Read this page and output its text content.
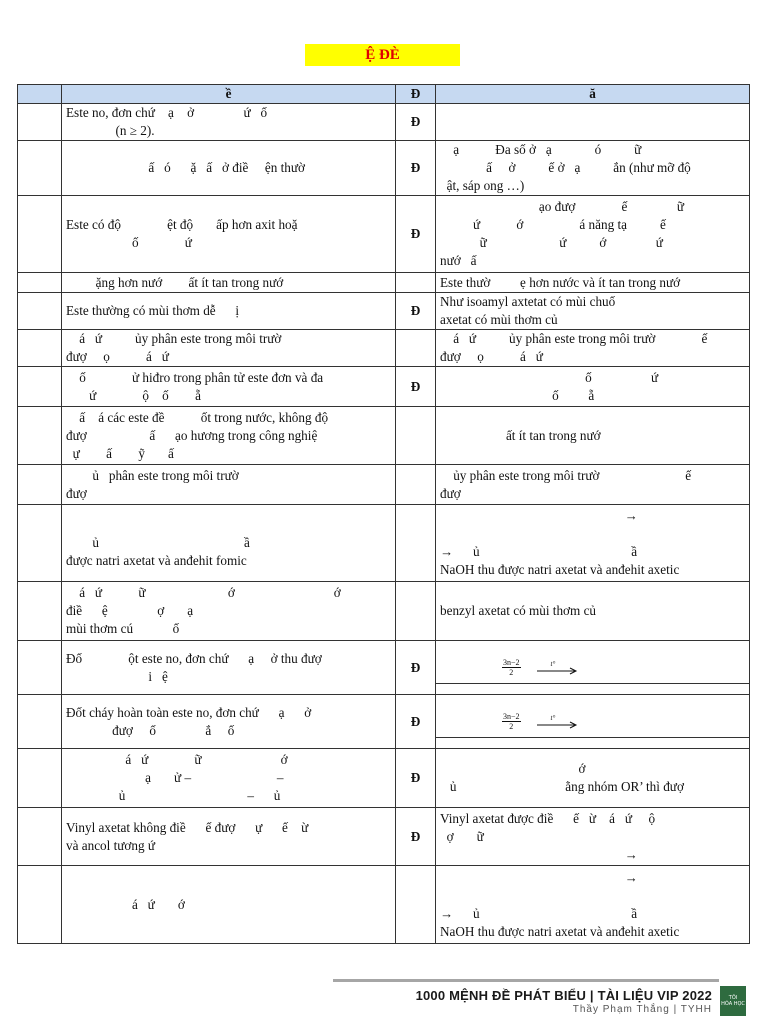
Ệ ĐÈ
	ề	Đ	ă

	Este no, đơn chứ    ạ    ở               ứ   ố
(n ≥ 2).	Đ	

	ấ   ó      ặ   ấ   ở điề     ện thườ	Đ	ạ           Đa số ở   ạ             ó          ữ
ấ     ở          ế ở   ạ          ắn (như mỡ độ
ật, sáp ong …)

	Este có độ              ệt độ       ấp hơn axit hoặ
ố              ứ	Đ	ạo đượ              ế               ữ
ứ           ớ                 á năng tạ          ế
ữ                      ứ          ớ               ứ
nướ   ấ

	ặng hơn nướ        ất ít tan trong nướ		Este thườ         ẹ hơn nước và ít tan trong nướ

	Este thường có mùi thơm dễ      ị	Đ	Như isoamyl axtetat có mùi chuố
axetat có mùi thơm củ

	á   ứ          ủy phân este trong môi trườ
đượ     ọ           á   ứ		á   ứ          ủy phân este trong môi trườ              ế
đượ     ọ           á   ứ

	ố              ử hiđro trong phân tử este đơn và đa
ứ              ộ    ố        ẵ	Đ	ố                  ứ
ố         ẵ

	ấ    á các este đề           ốt trong nước, không độ
đượ                   ấ      ạo hương trong công nghiệ
ự        ấ        ỹ       ấ		ất ít tan trong nướ

	ủ   phân este trong môi trườ
đượ		ủy phân este trong môi trườ                          ế
đượ

	ủ                                            ầ
được natri axetat và anđehit fomic		→

→      ủ                                              ầ
NaOH thu được natri axetat và anđehit axetic

	á   ứ           ữ                         ớ                              ớ
điề      ệ               ợ       ạ
mùi thơm cú            ố		benzyl axetat có mùi thơm củ

	Đố              ột este no, đơn chứ      ạ     ở thu đượ
i   ệ	Đ	$\frac{3n-2}{2} t^\circ$

	Đốt cháy hoàn toàn este no, đơn chứ      ạ      ở
đượ     ố               ắ     ố	Đ	$\frac{3n-2}{2} t^\circ$

	á   ứ              ữ                        ớ
ạ       ử –                          –
ủ                                     –      ủ	Đ	ớ
ủ                                 ằng nhóm OR’ thì đượ

	Vinyl axetat không điề      ế đượ      ự      ế    ừ
và ancol tương ứ	Đ	Vinyl axetat được điề      ế   ừ    á   ứ     ộ
ợ       ữ
→

	á   ứ       ớ		→

→      ủ                                              ầ
NaOH thu được natri axetat và anđehit axetic
1000 MỆNH ĐỀ PHÁT BIỂU | TÀI LIỆU VIP 2022
Thầy Phạm Thắng | TYHH
TÔI
HÓA HỌC
